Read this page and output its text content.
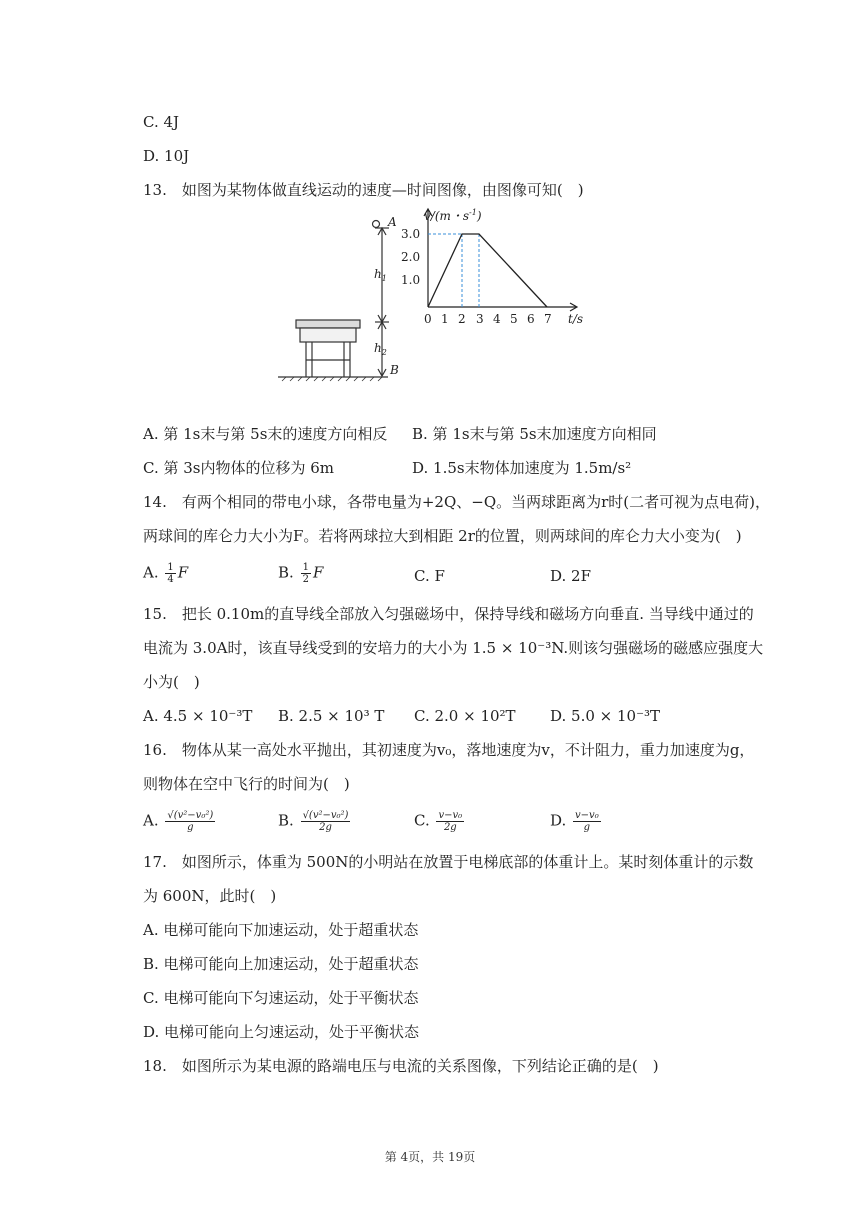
C. 4J
D. 10J
13.　如图为某物体做直线运动的速度—时间图像，由图像可知(　)
A
$h_1$
$h_2$
B
v/(m・$s^{-1}$)
t/s
3.0
2.0
1.0
0 1 2 3 4 5 6 7
A. 第 1s末与第 5s末的速度方向相反 B. 第 1s末与第 5s末加速度方向相同
C. 第 3s内物体的位移为 6m	D. 1.5s末物体加速度为 1.5m/s²
14.　有两个相同的带电小球，各带电量为+2Q、−Q。当两球距离为r时(二者可视为点电荷)，
两球间的库仑力大小为F。若将两球拉大到相距 2r的位置，则两球间的库仑力大小变为(　)
A. $\frac{1}{4}$ F	B. $\frac{1}{2}$ F	C. F	D. 2F
15.　把长 0.10m的直导线全部放入匀强磁场中，保持导线和磁场方向垂直. 当导线中通过的
电流为 3.0A时，该直导线受到的安培力的大小为 1.5 × 10⁻³N.则该匀强磁场的磁感应强度大
小为(　)
A. 4.5 × 10⁻³T B. 2.5 × 10³ T C. 2.0 × 10²T D. 5.0 × 10⁻³T
16.　物体从某一高处水平抛出，其初速度为v₀，落地速度为v，不计阻力，重力加速度为g，
则物体在空中飞行的时间为(　)
A. $\frac{\text{√(v²−v₀²)}}{g}$	B. $\frac{\text{√(v²−v₀²)}}{2g}$	C. $\frac{\text{v−v₀}}{2g}$	D. $\frac{\text{v−v₀}}{g}$
17.　如图所示，体重为 500N的小明站在放置于电梯底部的体重计上。某时刻体重计的示数
为 600N，此时(　)
A. 电梯可能向下加速运动，处于超重状态
B. 电梯可能向上加速运动，处于超重状态
C. 电梯可能向下匀速运动，处于平衡状态
D. 电梯可能向上匀速运动，处于平衡状态
18.　如图所示为某电源的路端电压与电流的关系图像，下列结论正确的是(　)
第 4页，共 19页
